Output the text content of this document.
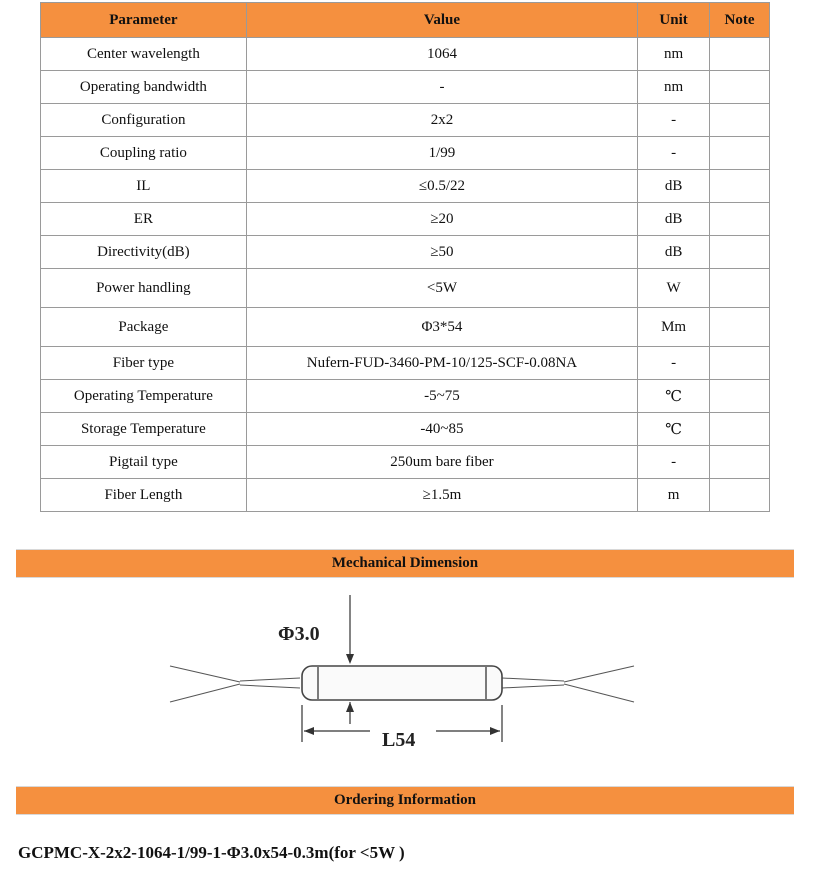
Parameter	Value	Unit	Note
Center wavelength	1064	nm	
Operating bandwidth	-	nm	
Configuration	2x2	-	
Coupling ratio	1/99	-	
IL	≤0.5/22	dB	
ER	≥20	dB	
Directivity(dB)	≥50	dB	
Power handling	<5W	W	
Package	Φ3*54	Mm	
Fiber type	Nufern-FUD-3460-PM-10/125-SCF-0.08NA	-	
Operating Temperature	-5~75	℃	
Storage Temperature	-40~85	℃	
Pigtail type	250um bare fiber	-	
Fiber Length	≥1.5m	m	
Mechanical Dimension
Φ3.0
L54
Ordering Information
GCPMC-X-2x2-1064-1/99-1-Φ3.0x54-0.3m(for <5W )
